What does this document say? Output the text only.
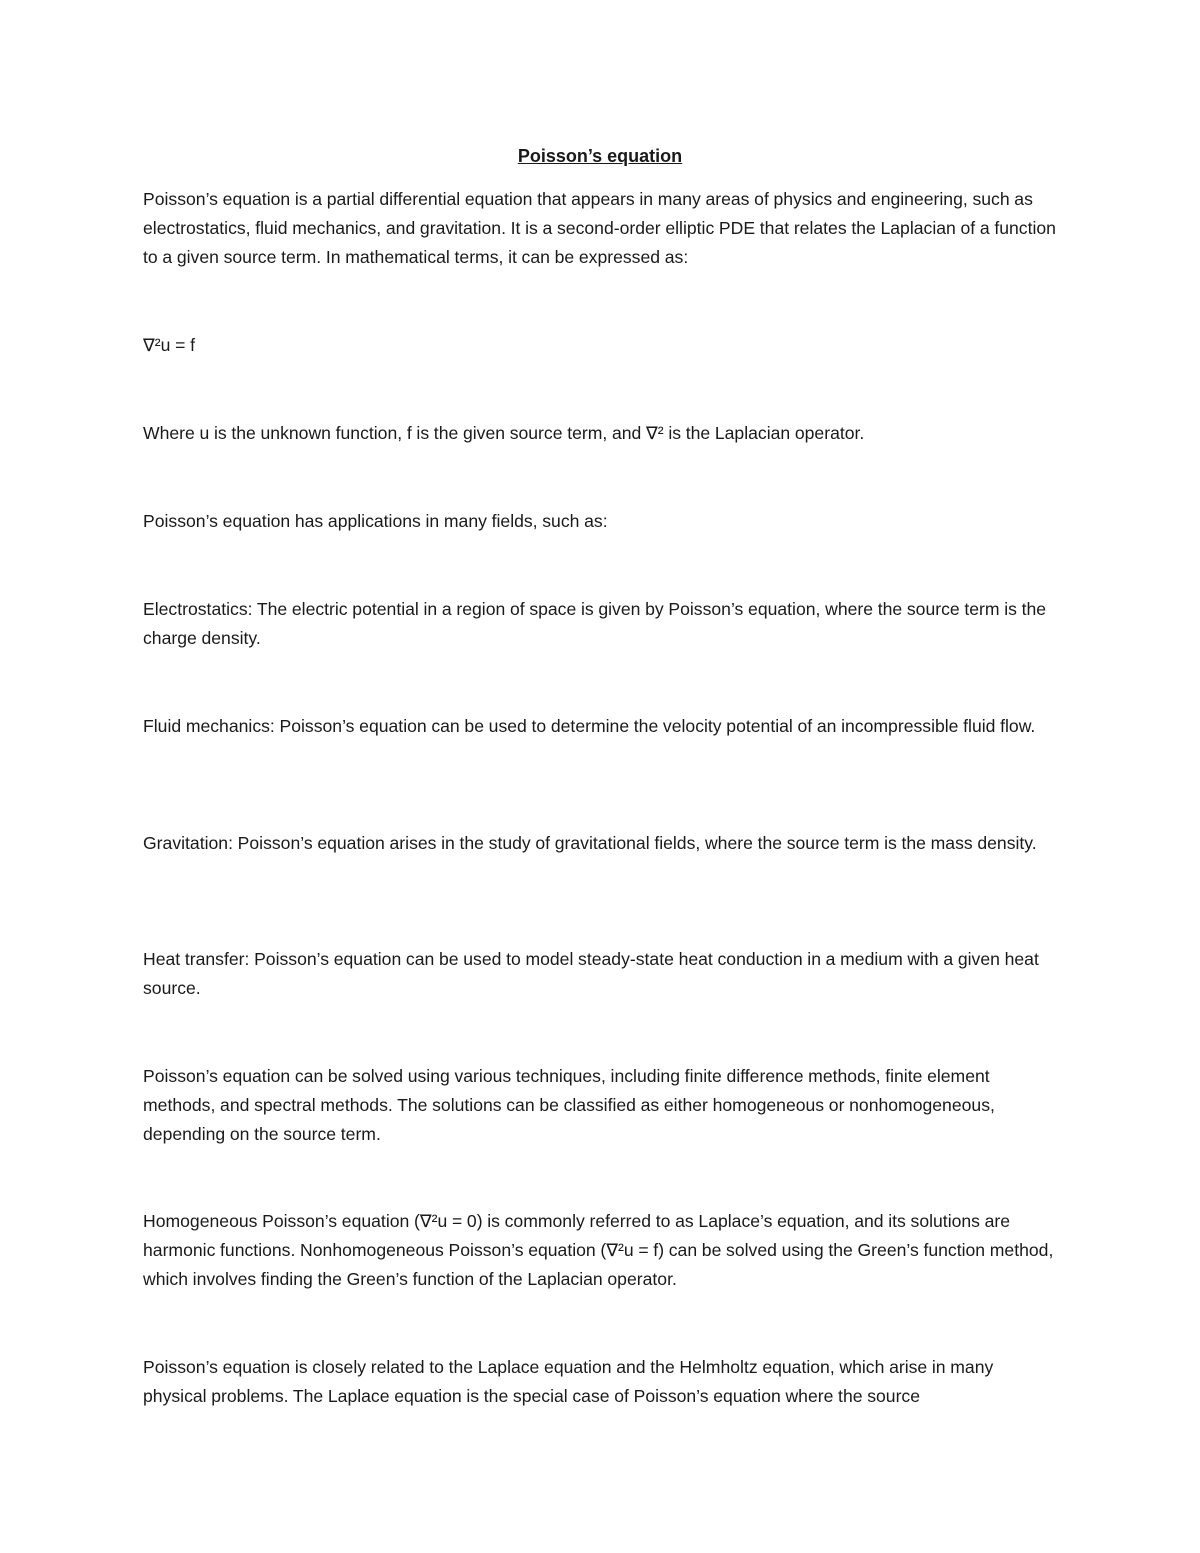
Poisson’s equation

Poisson’s equation is a partial differential equation that appears in many areas of physics and engineering, such as electrostatics, fluid mechanics, and gravitation. It is a second-order elliptic PDE that relates the Laplacian of a function to a given source term. In mathematical terms, it can be expressed as:

∇²u = f

Where u is the unknown function, f is the given source term, and ∇² is the Laplacian operator.

Poisson’s equation has applications in many fields, such as:

Electrostatics: The electric potential in a region of space is given by Poisson’s equation, where the source term is the charge density.

Fluid mechanics: Poisson’s equation can be used to determine the velocity potential of an incompressible fluid flow.

Gravitation: Poisson’s equation arises in the study of gravitational fields, where the source term is the mass density.

Heat transfer: Poisson’s equation can be used to model steady-state heat conduction in a medium with a given heat source.

Poisson’s equation can be solved using various techniques, including finite difference methods, finite element methods, and spectral methods. The solutions can be classified as either homogeneous or nonhomogeneous, depending on the source term.

Homogeneous Poisson’s equation (∇²u = 0) is commonly referred to as Laplace’s equation, and its solutions are harmonic functions. Nonhomogeneous Poisson’s equation (∇²u = f) can be solved using the Green’s function method, which involves finding the Green’s function of the Laplacian operator.

Poisson’s equation is closely related to the Laplace equation and the Helmholtz equation, which arise in many physical problems. The Laplace equation is the special case of Poisson’s equation where the source
